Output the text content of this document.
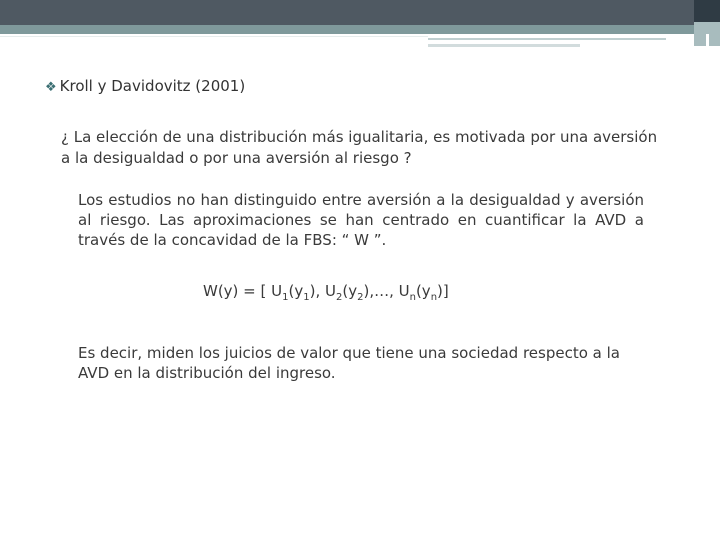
❖ Kroll y Davidovitz (2001)
¿ La elección de una distribución más igualitaria, es motivada por una aversión a la desigualdad o por una aversión al riesgo ?
Los estudios no han distinguido entre aversión a la desigualdad y aversión al riesgo. Las aproximaciones se han centrado en cuantificar la AVD a través de la concavidad de la FBS: “ W ”.
W(y) = [ $U_1(y_1)$, $U_2(y_2),\dots$, $U_n(y_n)$]
Es decir, miden los juicios de valor que tiene una sociedad respecto a la AVD en la distribución del ingreso.
